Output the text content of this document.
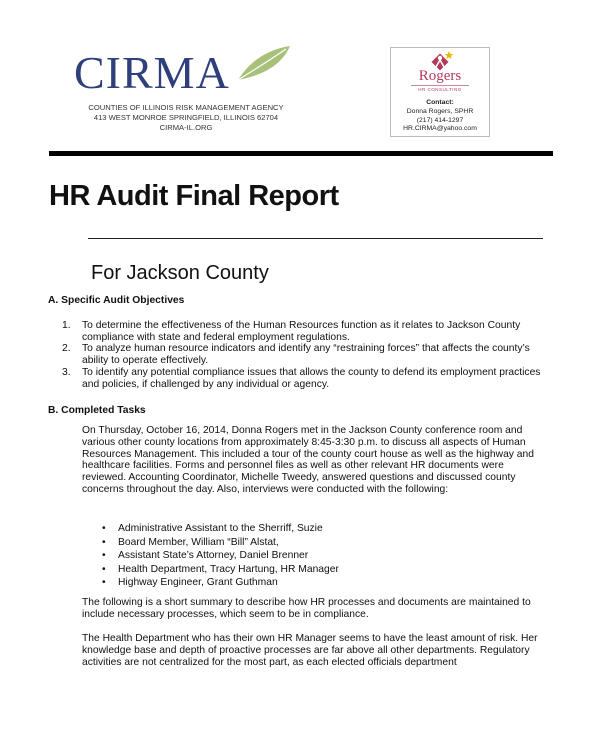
CIRMA
COUNTIES OF ILLINOIS RISK MANAGEMENT AGENCY
413 WEST MONROE SPRINGFIELD, ILLINOIS 62704
CIRMA-IL.ORG
Rogers
HR CONSULTING
Contact:
Donna Rogers, SPHR
(217) 414-1297
HR.CIRMA@yahoo.com
HR Audit Final Report
For Jackson County
A. Specific Audit Objectives
1. To determine the effectiveness of the Human Resources function as it relates to Jackson County compliance with state and federal employment regulations.
2. To analyze human resource indicators and identify any “restraining forces” that affects the county’s ability to operate effectively.
3. To identify any potential compliance issues that allows the county to defend its employment practices and policies, if challenged by any individual or agency.
B. Completed Tasks

On Thursday, October 16, 2014, Donna Rogers met in the Jackson County conference room and various other county locations from approximately 8:45-3:30 p.m. to discuss all aspects of Human Resources Management. This included a tour of the county court house as well as the highway and healthcare facilities. Forms and personnel files as well as other relevant HR documents were reviewed. Accounting Coordinator, Michelle Tweedy, answered questions and discussed county concerns throughout the day. Also, interviews were conducted with the following:

• Administrative Assistant to the Sherriff, Suzie
• Board Member, William “Bill” Alstat,
• Assistant State’s Attorney, Daniel Brenner
• Health Department, Tracy Hartung, HR Manager
• Highway Engineer, Grant Guthman

The following is a short summary to describe how HR processes and documents are maintained to include necessary processes, which seem to be in compliance.

The Health Department who has their own HR Manager seems to have the least amount of risk. Her knowledge base and depth of proactive processes are far above all other departments. Regulatory activities are not centralized for the most part, as each elected officials department
